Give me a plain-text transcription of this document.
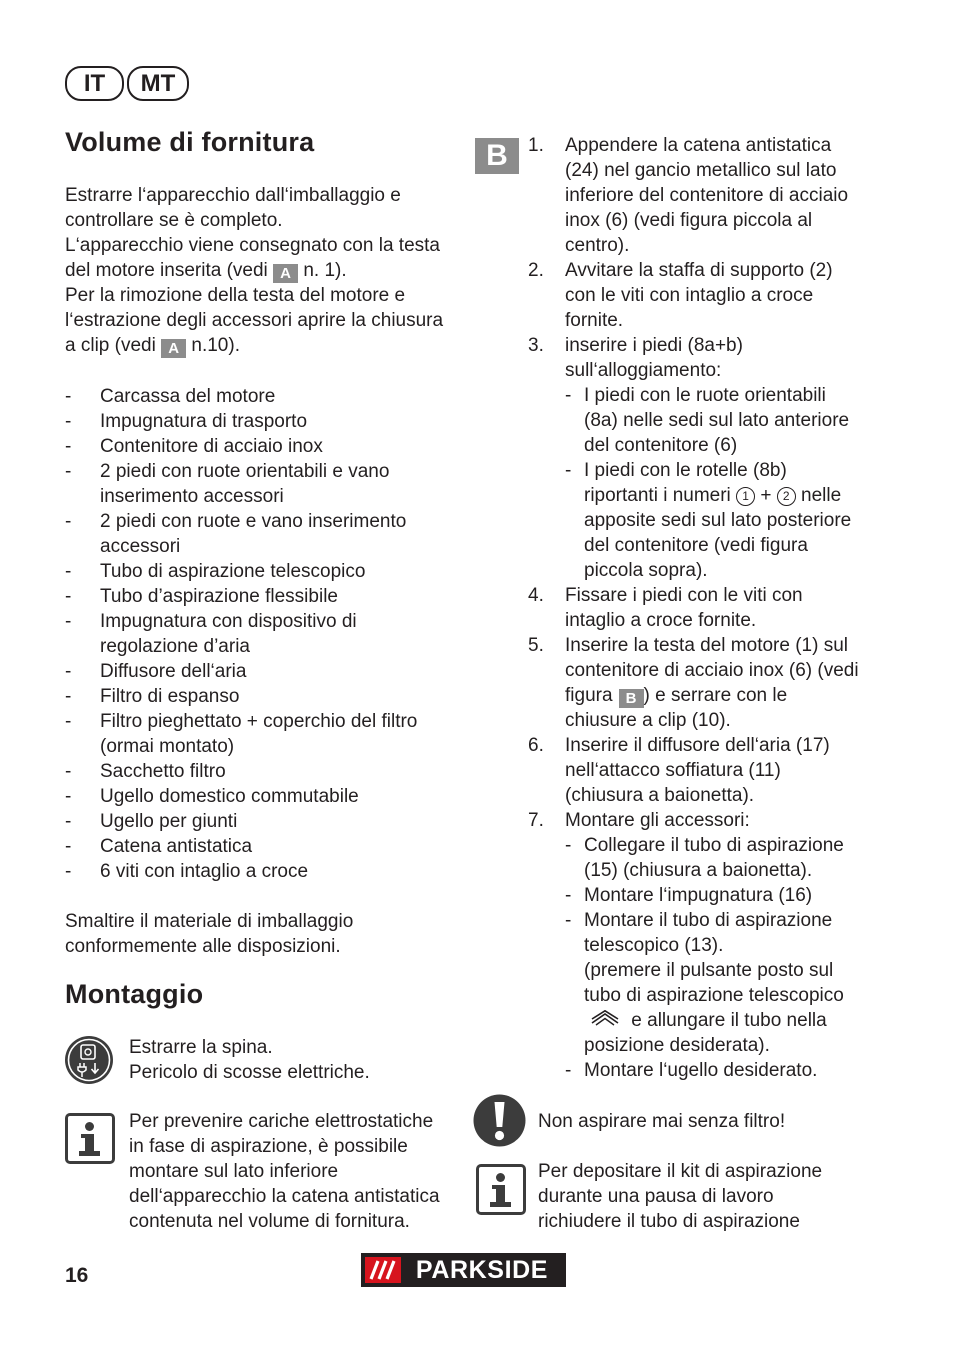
IT	MT
Volume di fornitura

Estrarre l‘apparecchio dall‘imballaggio e controllare se è completo.

L‘apparecchio viene consegnato con la testa del motore inserita (vedi A n. 1).

Per la rimozione della testa del motore e l‘estrazione degli accessori aprire la chiusura a clip (vedi A n.10).

- Carcassa del motore
- Impugnatura di trasporto
- Contenitore di acciaio inox
- 2 piedi con ruote orientabili e vano inserimento accessori
- 2 piedi con ruote e vano inserimento accessori
- Tubo di aspirazione telescopico
- Tubo d’aspirazione flessibile
- Impugnatura con dispositivo di regolazione d’aria
- Diffusore dell‘aria
- Filtro di espanso
- Filtro pieghettato + coperchio del filtro (ormai montato)
- Sacchetto filtro
- Ugello domestico commutabile
- Ugello per giunti
- Catena antistatica
- 6 viti con intaglio a croce

Smaltire il materiale di imballaggio conformemente alle disposizioni.

Montaggio

Estrarre la spina.

Pericolo di scosse elettriche.

Per prevenire cariche elettrostatiche in fase di aspirazione, è possibile montare sul lato inferiore dell‘apparecchio la catena antistatica contenuta nel volume di fornitura.

B	1. Appendere la catena antistatica (24) nel gancio metallico sul lato inferiore del contenitore di acciaio inox (6) (vedi figura piccola al centro).
2. Avvitare la staffa di supporto (2) con le viti con intaglio a croce fornite.
3. inserire i piedi (8a+b) sull‘alloggiamento:
- I piedi con le ruote orientabili (8a) nelle sedi sul lato anteriore del contenitore (6)
- I piedi con le rotelle (8b) riportanti i numeri 1 + 2 nelle apposite sedi sul lato posteriore del contenitore (vedi figura piccola sopra).
4. Fissare i piedi con le viti con intaglio a croce fornite.
5. Inserire la testa del motore (1) sul contenitore di acciaio inox (6) (vedi figura B ) e serrare con le chiusure a clip (10).
6. Inserire il diffusore dell‘aria (17) nell‘attacco soffiatura (11) (chiusura a baionetta).
7. Montare gli accessori:
- Collegare il tubo di aspirazione (15) (chiusura a baionetta).
- Montare l‘impugnatura (16)
- Montare il tubo di aspirazione telescopico (13).
(premere il pulsante posto sul tubo di aspirazione telescopico  e allungare il tubo nella posizione desiderata).
- Montare l‘ugello desiderato.

Non aspirare mai senza filtro!

Per depositare il kit di aspirazione durante una pausa di lavoro richiudere il tubo di aspirazione

16	PARKSIDE
